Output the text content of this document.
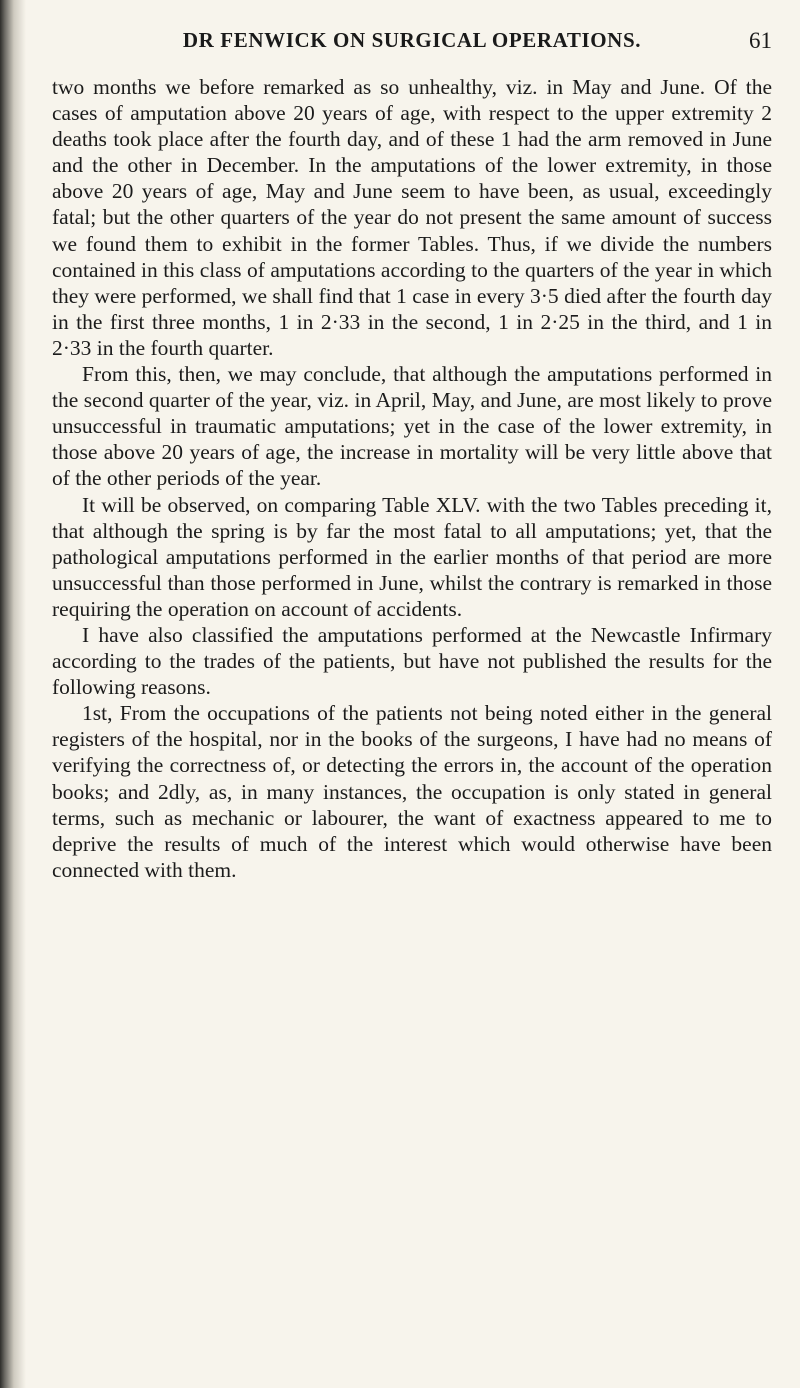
DR FENWICK ON SURGICAL OPERATIONS.	61

two months we before remarked as so unhealthy, viz. in May and June. Of the cases of amputation above 20 years of age, with respect to the upper extremity 2 deaths took place after the fourth day, and of these 1 had the arm removed in June and the other in December. In the amputations of the lower extremity, in those above 20 years of age, May and June seem to have been, as usual, exceedingly fatal; but the other quarters of the year do not present the same amount of success we found them to exhibit in the former Tables. Thus, if we divide the numbers contained in this class of amputations according to the quarters of the year in which they were performed, we shall find that 1 case in every 3·5 died after the fourth day in the first three months, 1 in 2·33 in the second, 1 in 2·25 in the third, and 1 in 2·33 in the fourth quarter.

From this, then, we may conclude, that although the amputations performed in the second quarter of the year, viz. in April, May, and June, are most likely to prove unsuccessful in traumatic amputations; yet in the case of the lower extremity, in those above 20 years of age, the increase in mortality will be very little above that of the other periods of the year.

It will be observed, on comparing Table XLV. with the two Tables preceding it, that although the spring is by far the most fatal to all amputations; yet, that the pathological amputations performed in the earlier months of that period are more unsuccessful than those performed in June, whilst the contrary is remarked in those requiring the operation on account of accidents.

I have also classified the amputations performed at the Newcastle Infirmary according to the trades of the patients, but have not published the results for the following reasons.

1st, From the occupations of the patients not being noted either in the general registers of the hospital, nor in the books of the surgeons, I have had no means of verifying the correctness of, or detecting the errors in, the account of the operation books; and 2dly, as, in many instances, the occupation is only stated in general terms, such as mechanic or labourer, the want of exactness appeared to me to deprive the results of much of the interest which would otherwise have been connected with them.
